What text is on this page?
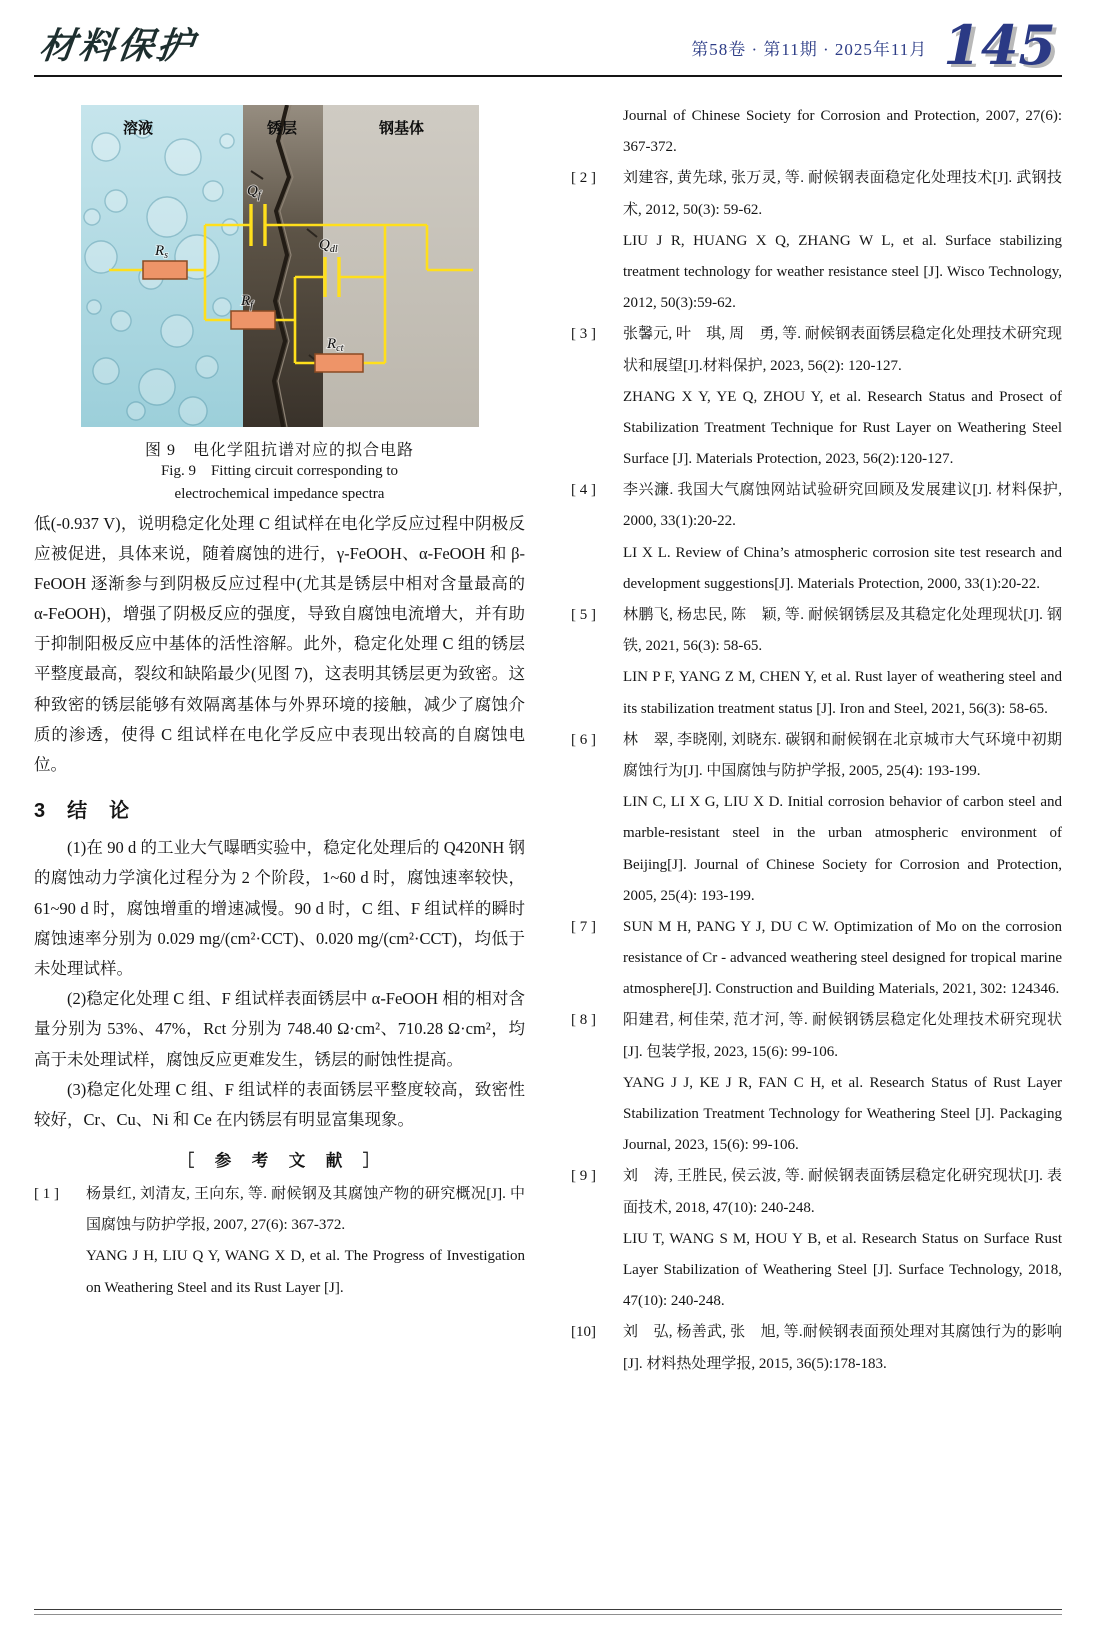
材料保护	第58卷 · 第11期 · 2025年11月 145
溶液	锈层	钢基体
$R_s$
$Q_f$
$R_f$
$Q_{dl}$
$R_{ct}$
图 9　电化学阻抗谱对应的拟合电路
Fig. 9　Fitting circuit corresponding to
electrochemical impedance spectra

低(-0.937 V)，说明稳定化处理 C 组试样在电化学反应过程中阴极反应被促进，具体来说，随着腐蚀的进行，γ-FeOOH、α-FeOOH 和 β-FeOOH 逐渐参与到阴极反应过程中(尤其是锈层中相对含量最高的 α-FeOOH)，增强了阴极反应的强度，导致自腐蚀电流增大，并有助于抑制阳极反应中基体的活性溶解。此外，稳定化处理 C 组的锈层平整度最高，裂纹和缺陷最少(见图 7)，这表明其锈层更为致密。这种致密的锈层能够有效隔离基体与外界环境的接触，减少了腐蚀介质的渗透，使得 C 组试样在电化学反应中表现出较高的自腐蚀电位。

3　结　论

(1)在 90 d 的工业大气曝晒实验中，稳定化处理后的 Q420NH 钢的腐蚀动力学演化过程分为 2 个阶段，1~60 d 时，腐蚀速率较快，61~90 d 时，腐蚀增重的增速减慢。90 d 时，C 组、F 组试样的瞬时腐蚀速率分别为 0.029 mg/(cm²·CCT)、0.020 mg/(cm²·CCT)，均低于未处理试样。

(2)稳定化处理 C 组、F 组试样表面锈层中 α-FeOOH 相的相对含量分别为 53%、47%，Rct 分别为 748.40 Ω·cm²、710.28 Ω·cm²，均高于未处理试样，腐蚀反应更难发生，锈层的耐蚀性提高。

(3)稳定化处理 C 组、F 组试样的表面锈层平整度较高，致密性较好，Cr、Cu、Ni 和 Ce 在内锈层有明显富集现象。

［　参　考　文　献　］
[ 1 ]	杨景红, 刘清友, 王向东, 等. 耐候钢及其腐蚀产物的研究概况[J]. 中国腐蚀与防护学报, 2007, 27(6): 367-372.

YANG J H, LIU Q Y, WANG X D, et al. The Progress of Investigation on Weathering Steel and its Rust Layer [J].

Journal of Chinese Society for Corrosion and Protection, 2007, 27(6): 367-372.

[ 2 ]	刘建容, 黄先球, 张万灵, 等. 耐候钢表面稳定化处理技术[J]. 武钢技术, 2012, 50(3): 59-62.

LIU J R, HUANG X Q, ZHANG W L, et al. Surface stabilizing treatment technology for weather resistance steel [J]. Wisco Technology, 2012, 50(3):59-62.

[ 3 ]	张馨元, 叶　琪, 周　勇, 等. 耐候钢表面锈层稳定化处理技术研究现状和展望[J].材料保护, 2023, 56(2): 120-127.

ZHANG X Y, YE Q, ZHOU Y, et al. Research Status and Prosect of Stabilization Treatment Technique for Rust Layer on Weathering Steel Surface [J]. Materials Protection, 2023, 56(2):120-127.

[ 4 ]	李兴濂. 我国大气腐蚀网站试验研究回顾及发展建议[J]. 材料保护, 2000, 33(1):20-22.

LI X L. Review of China’s atmospheric corrosion site test research and development suggestions[J]. Materials Protection, 2000, 33(1):20-22.

[ 5 ]	林鹏飞, 杨忠民, 陈　颖, 等. 耐候钢锈层及其稳定化处理现状[J]. 钢铁, 2021, 56(3): 58-65.

LIN P F, YANG Z M, CHEN Y, et al. Rust layer of weathering steel and its stabilization treatment status [J]. Iron and Steel, 2021, 56(3): 58-65.

[ 6 ]	林　翠, 李晓刚, 刘晓东. 碳钢和耐候钢在北京城市大气环境中初期腐蚀行为[J]. 中国腐蚀与防护学报, 2005, 25(4): 193-199.

LIN C, LI X G, LIU X D. Initial corrosion behavior of carbon steel and marble-resistant steel in the urban atmospheric environment of Beijing[J]. Journal of Chinese Society for Corrosion and Protection, 2005, 25(4): 193-199.

[ 7 ]	SUN M H, PANG Y J, DU C W. Optimization of Mo on the corrosion resistance of Cr - advanced weathering steel designed for tropical marine atmosphere[J]. Construction and Building Materials, 2021, 302: 124346.

[ 8 ]	阳建君, 柯佳荣, 范才河, 等. 耐候钢锈层稳定化处理技术研究现状[J]. 包装学报, 2023, 15(6): 99-106.

YANG J J, KE J R, FAN C H, et al. Research Status of Rust Layer Stabilization Treatment Technology for Weathering Steel [J]. Packaging Journal, 2023, 15(6): 99-106.

[ 9 ]	刘　涛, 王胜民, 侯云波, 等. 耐候钢表面锈层稳定化研究现状[J]. 表面技术, 2018, 47(10): 240-248.

LIU T, WANG S M, HOU Y B, et al. Research Status on Surface Rust Layer Stabilization of Weathering Steel [J]. Surface Technology, 2018, 47(10): 240-248.

[10]	刘　弘, 杨善武, 张　旭, 等.耐候钢表面预处理对其腐蚀行为的影响[J]. 材料热处理学报, 2015, 36(5):178-183.
